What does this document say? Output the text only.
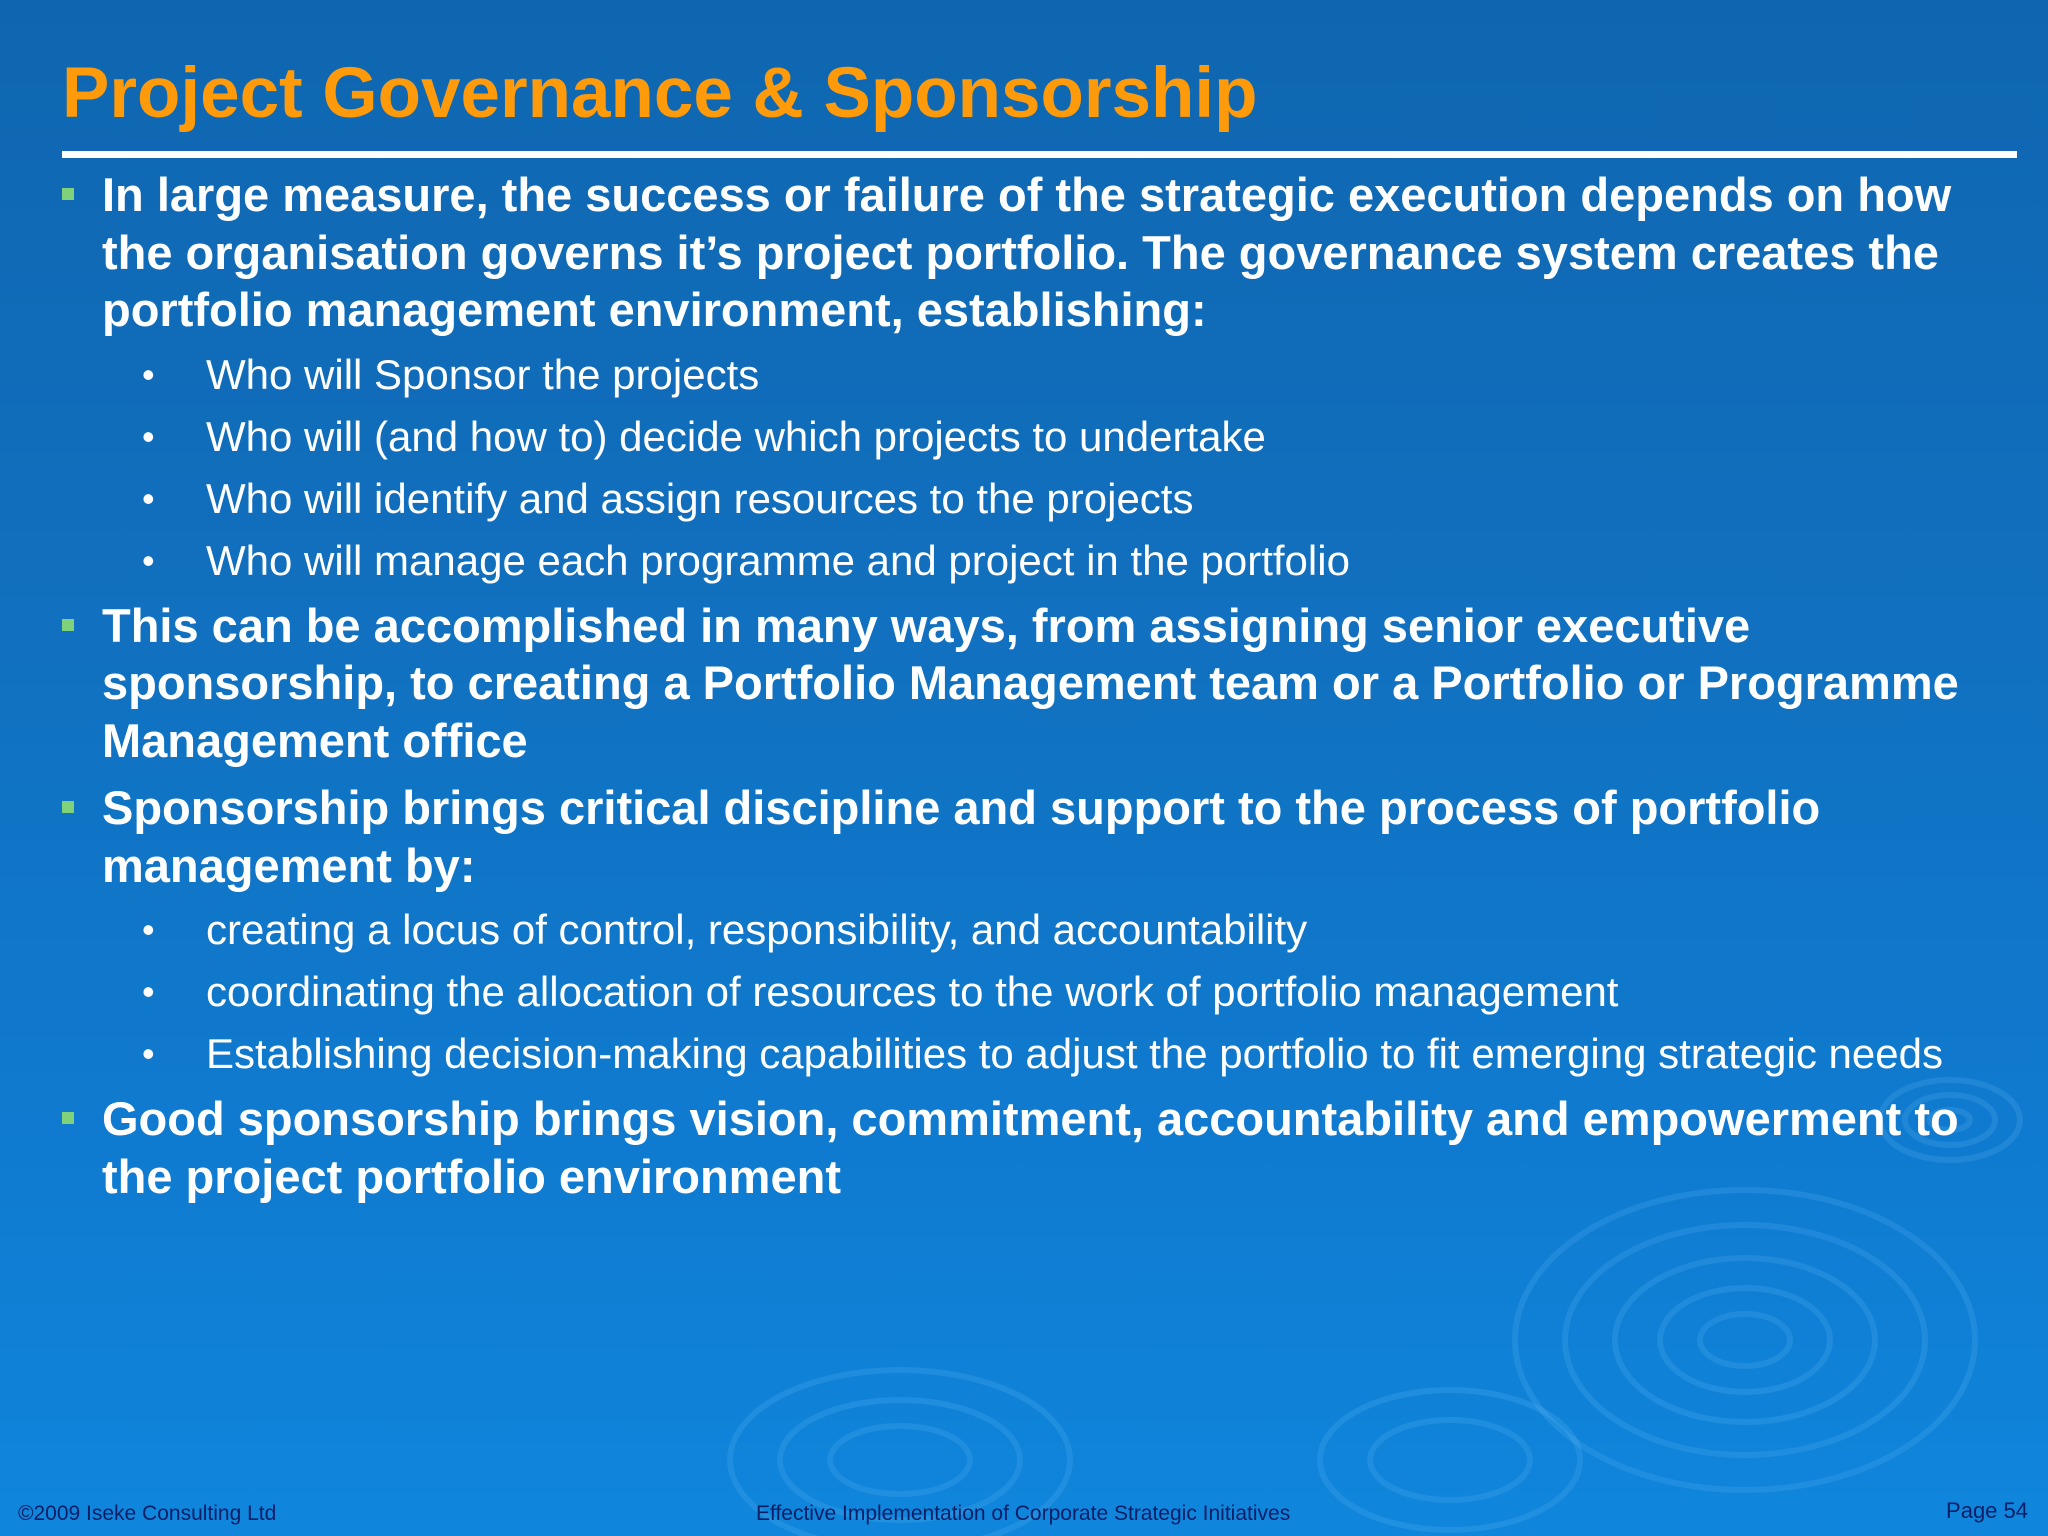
Project Governance & Sponsorship
In large measure, the success or failure of the strategic execution depends on how the organisation governs it’s project portfolio. The governance system creates the portfolio management environment, establishing:
• Who will Sponsor the projects
• Who will (and how to) decide which projects to undertake
• Who will identify and assign resources to the projects
• Who will manage each programme and project in the portfolio
This can be accomplished in many ways, from assigning senior executive sponsorship, to creating a Portfolio Management team or a Portfolio or Programme Management office
Sponsorship brings critical discipline and support to the process of portfolio management by:
• creating a locus of control, responsibility, and accountability
• coordinating the allocation of resources to the work of portfolio management
• Establishing decision-making capabilities to adjust the portfolio to fit emerging strategic needs
Good sponsorship brings vision, commitment, accountability and empowerment to the project portfolio environment
©2009 Iseke Consulting Ltd	Effective Implementation of Corporate Strategic Initiatives	Page 54
